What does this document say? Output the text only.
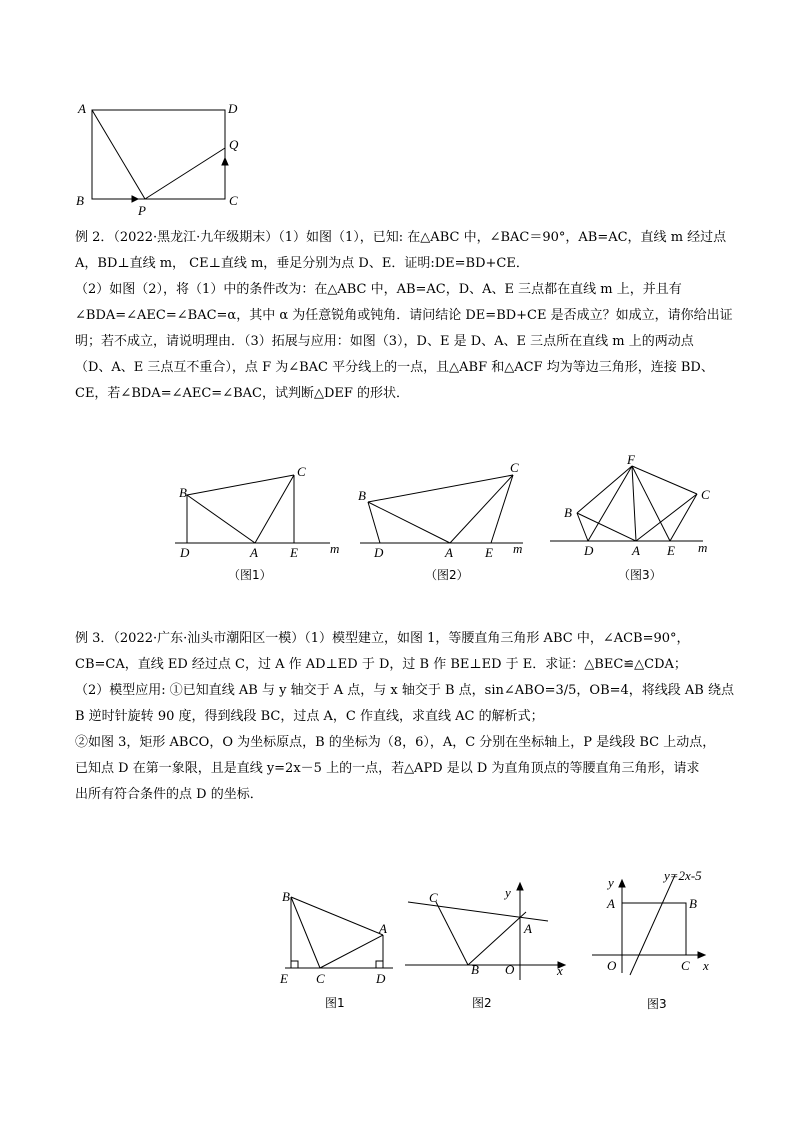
A	D
Q
B
P
C
例 2．（2022·黑龙江·九年级期末）（1）如图（1），已知: 在△ABC 中，∠BAC＝90°，AB=AC，直线 m 经过点
A，BD⊥直线 m， CE⊥直线 m，垂足分别为点 D、E．证明:DE=BD+CE．
（2）如图（2），将（1）中的条件改为：在△ABC 中，AB=AC，D、A、E 三点都在直线 m 上，并且有
∠BDA=∠AEC=∠BAC=α，其中 α 为任意锐角或钝角．请问结论 DE=BD+CE 是否成立？如成立，请你给出证
明；若不成立，请说明理由．（3）拓展与应用：如图（3），D、E 是 D、A、E 三点所在直线 m 上的两动点
（D、A、E 三点互不重合），点 F 为∠BAC 平分线上的一点，且△ABF 和△ACF 均为等边三角形，连接 BD、
CE，若∠BDA=∠AEC=∠BAC，试判断△DEF 的形状．
B
C
D	A E m
（图1）
B
C
D	A E m
（图2）
F
B
C
D	A E m
（图3）
例 3．（2022·广东·汕头市潮阳区一模）（1）模型建立，如图 1，等腰直角三角形 ABC 中，∠ACB=90°，
CB=CA，直线 ED 经过点 C，过 A 作 AD⊥ED 于 D，过 B 作 BE⊥ED 于 E．求证：△BEC≌△CDA；
（2）模型应用: ①已知直线 AB 与 y 轴交于 A 点，与 x 轴交于 B 点，sin∠ABO=3/5，OB=4，将线段 AB 绕点
B 逆时针旋转 90 度，得到线段 BC，过点 A，C 作直线，求直线 AC 的解析式；
②如图 3，矩形 ABCO，O 为坐标原点，B 的坐标为（8，6），A，C 分别在坐标轴上，P 是线段 BC 上动点，
已知点 D 在第一象限，且是直线 y=2x－5 上的一点，若△APD 是以 D 为直角顶点的等腰直角三角形，请求
出所有符合条件的点 D 的坐标．
B
A
E C	D
图1
C	y
A
B O	x
图2
y	y=2x-5
A	B
O	C x
图3
